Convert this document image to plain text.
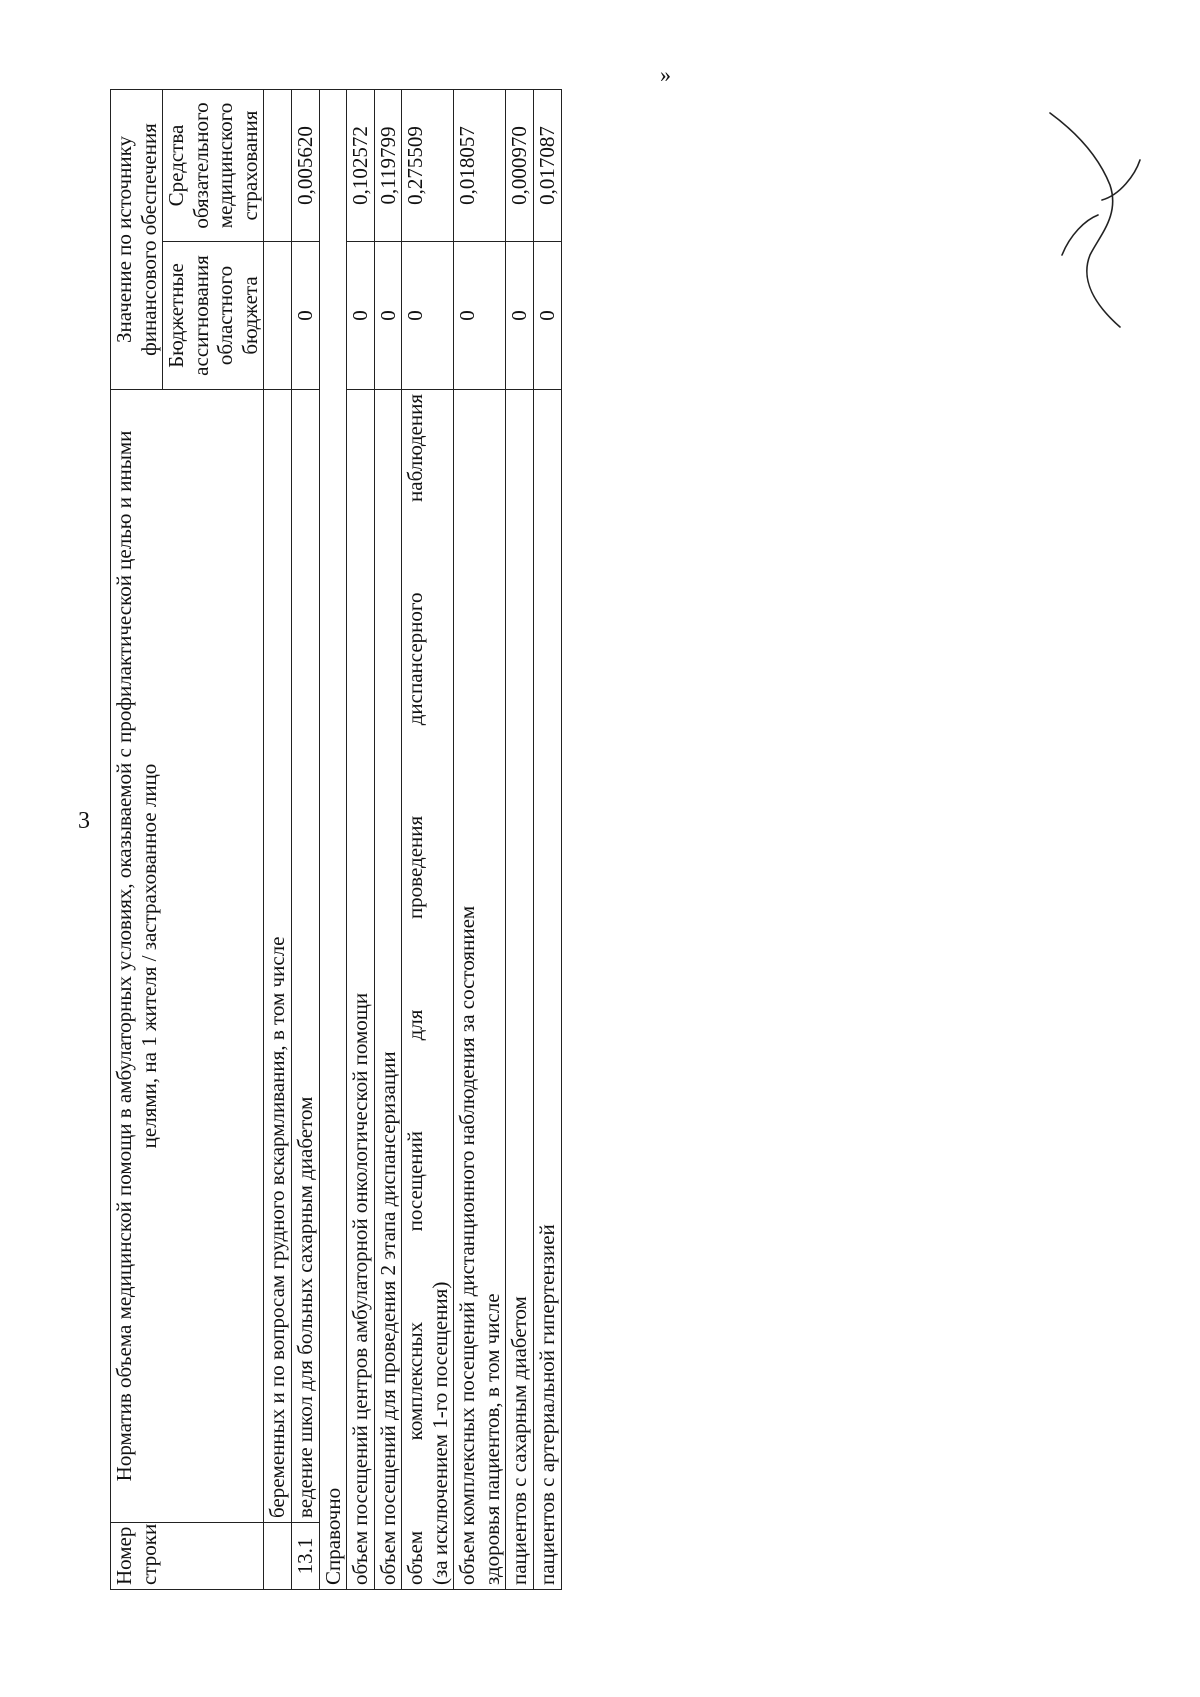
3
»
Номер строки	Норматив объема медицинской помощи в амбулаторных условиях, оказываемой с профилактической целью и иными целями, на 1 жителя / застрахованное лицо	Значение по источнику финансового обеспечения	
		Бюджетные ассигнования областного бюджета	Средства обязательного медицинского страхования
	беременных и по вопросам грудного вскармливания, в том числе		
13.1	ведение школ для больных сахарным диабетом	0	0,005620
Справочно			
объем посещений центров амбулаторной онкологической помощи		0	0,102572
объем посещений для проведения 2 этапа диспансеризации		0	0,119799

объем комплексных посещений для проведения диспансерного наблюдения (за исключением 1-го посещения)		0	0,275509

объем комплексных посещений дистанционного наблюдения за состоянием здоровья пациентов, в том числе		0	0,018057
пациентов с сахарным диабетом		0	0,000970
пациентов с артериальной гипертензией		0	0,017087
